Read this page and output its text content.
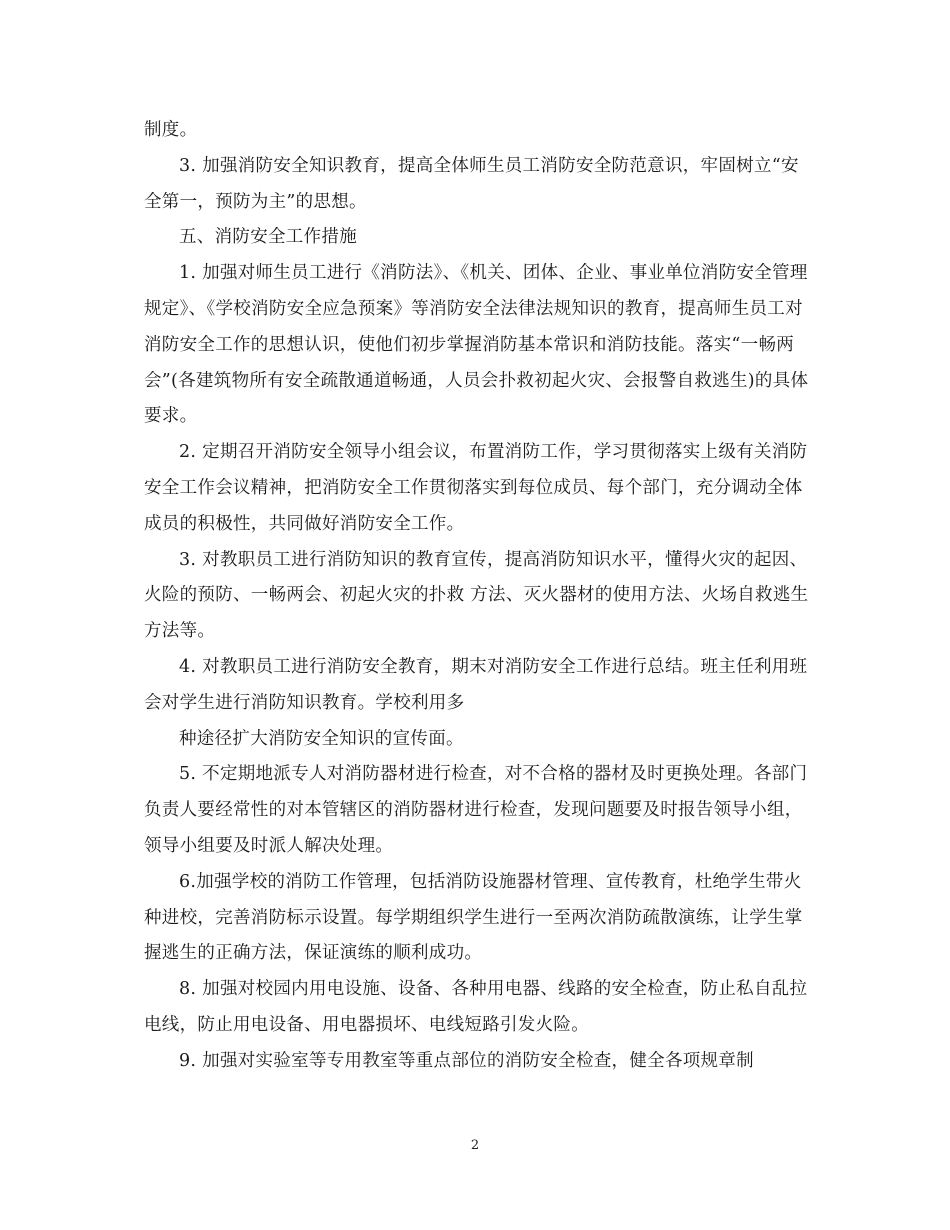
制度。

3. 加强消防安全知识教育，提高全体师生员工消防安全防范意识，牢固树立“安全第一，预防为主”的思想。

五、消防安全工作措施

1. 加强对师生员工进行《消防法》、《机关、团体、企业、事业单位消防安全管理规定》、《学校消防安全应急预案》等消防安全法律法规知识的教育，提高师生员工对消防安全工作的思想认识，使他们初步掌握消防基本常识和消防技能。落实“一畅两会”(各建筑物所有安全疏散通道畅通，人员会扑救初起火灾、会报警自救逃生)的具体要求。

2. 定期召开消防安全领导小组会议，布置消防工作，学习贯彻落实上级有关消防安全工作会议精神，把消防安全工作贯彻落实到每位成员、每个部门，充分调动全体成员的积极性，共同做好消防安全工作。

3. 对教职员工进行消防知识的教育宣传，提高消防知识水平，懂得火灾的起因、火险的预防、一畅两会、初起火灾的扑救 方法、灭火器材的使用方法、火场自救逃生方法等。

4. 对教职员工进行消防安全教育，期末对消防安全工作进行总结。班主任利用班会对学生进行消防知识教育。学校利用多

种途径扩大消防安全知识的宣传面。

5. 不定期地派专人对消防器材进行检查，对不合格的器材及时更换处理。各部门负责人要经常性的对本管辖区的消防器材进行检查，发现问题要及时报告领导小组，领导小组要及时派人解决处理。

6.加强学校的消防工作管理，包括消防设施器材管理、宣传教育，杜绝学生带火种进校，完善消防标示设置。每学期组织学生进行一至两次消防疏散演练，让学生掌握逃生的正确方法，保证演练的顺利成功。

8. 加强对校园内用电设施、设备、各种用电器、线路的安全检查，防止私自乱拉电线，防止用电设备、用电器损坏、电线短路引发火险。

9. 加强对实验室等专用教室等重点部位的消防安全检查，健全各项规章制

2
